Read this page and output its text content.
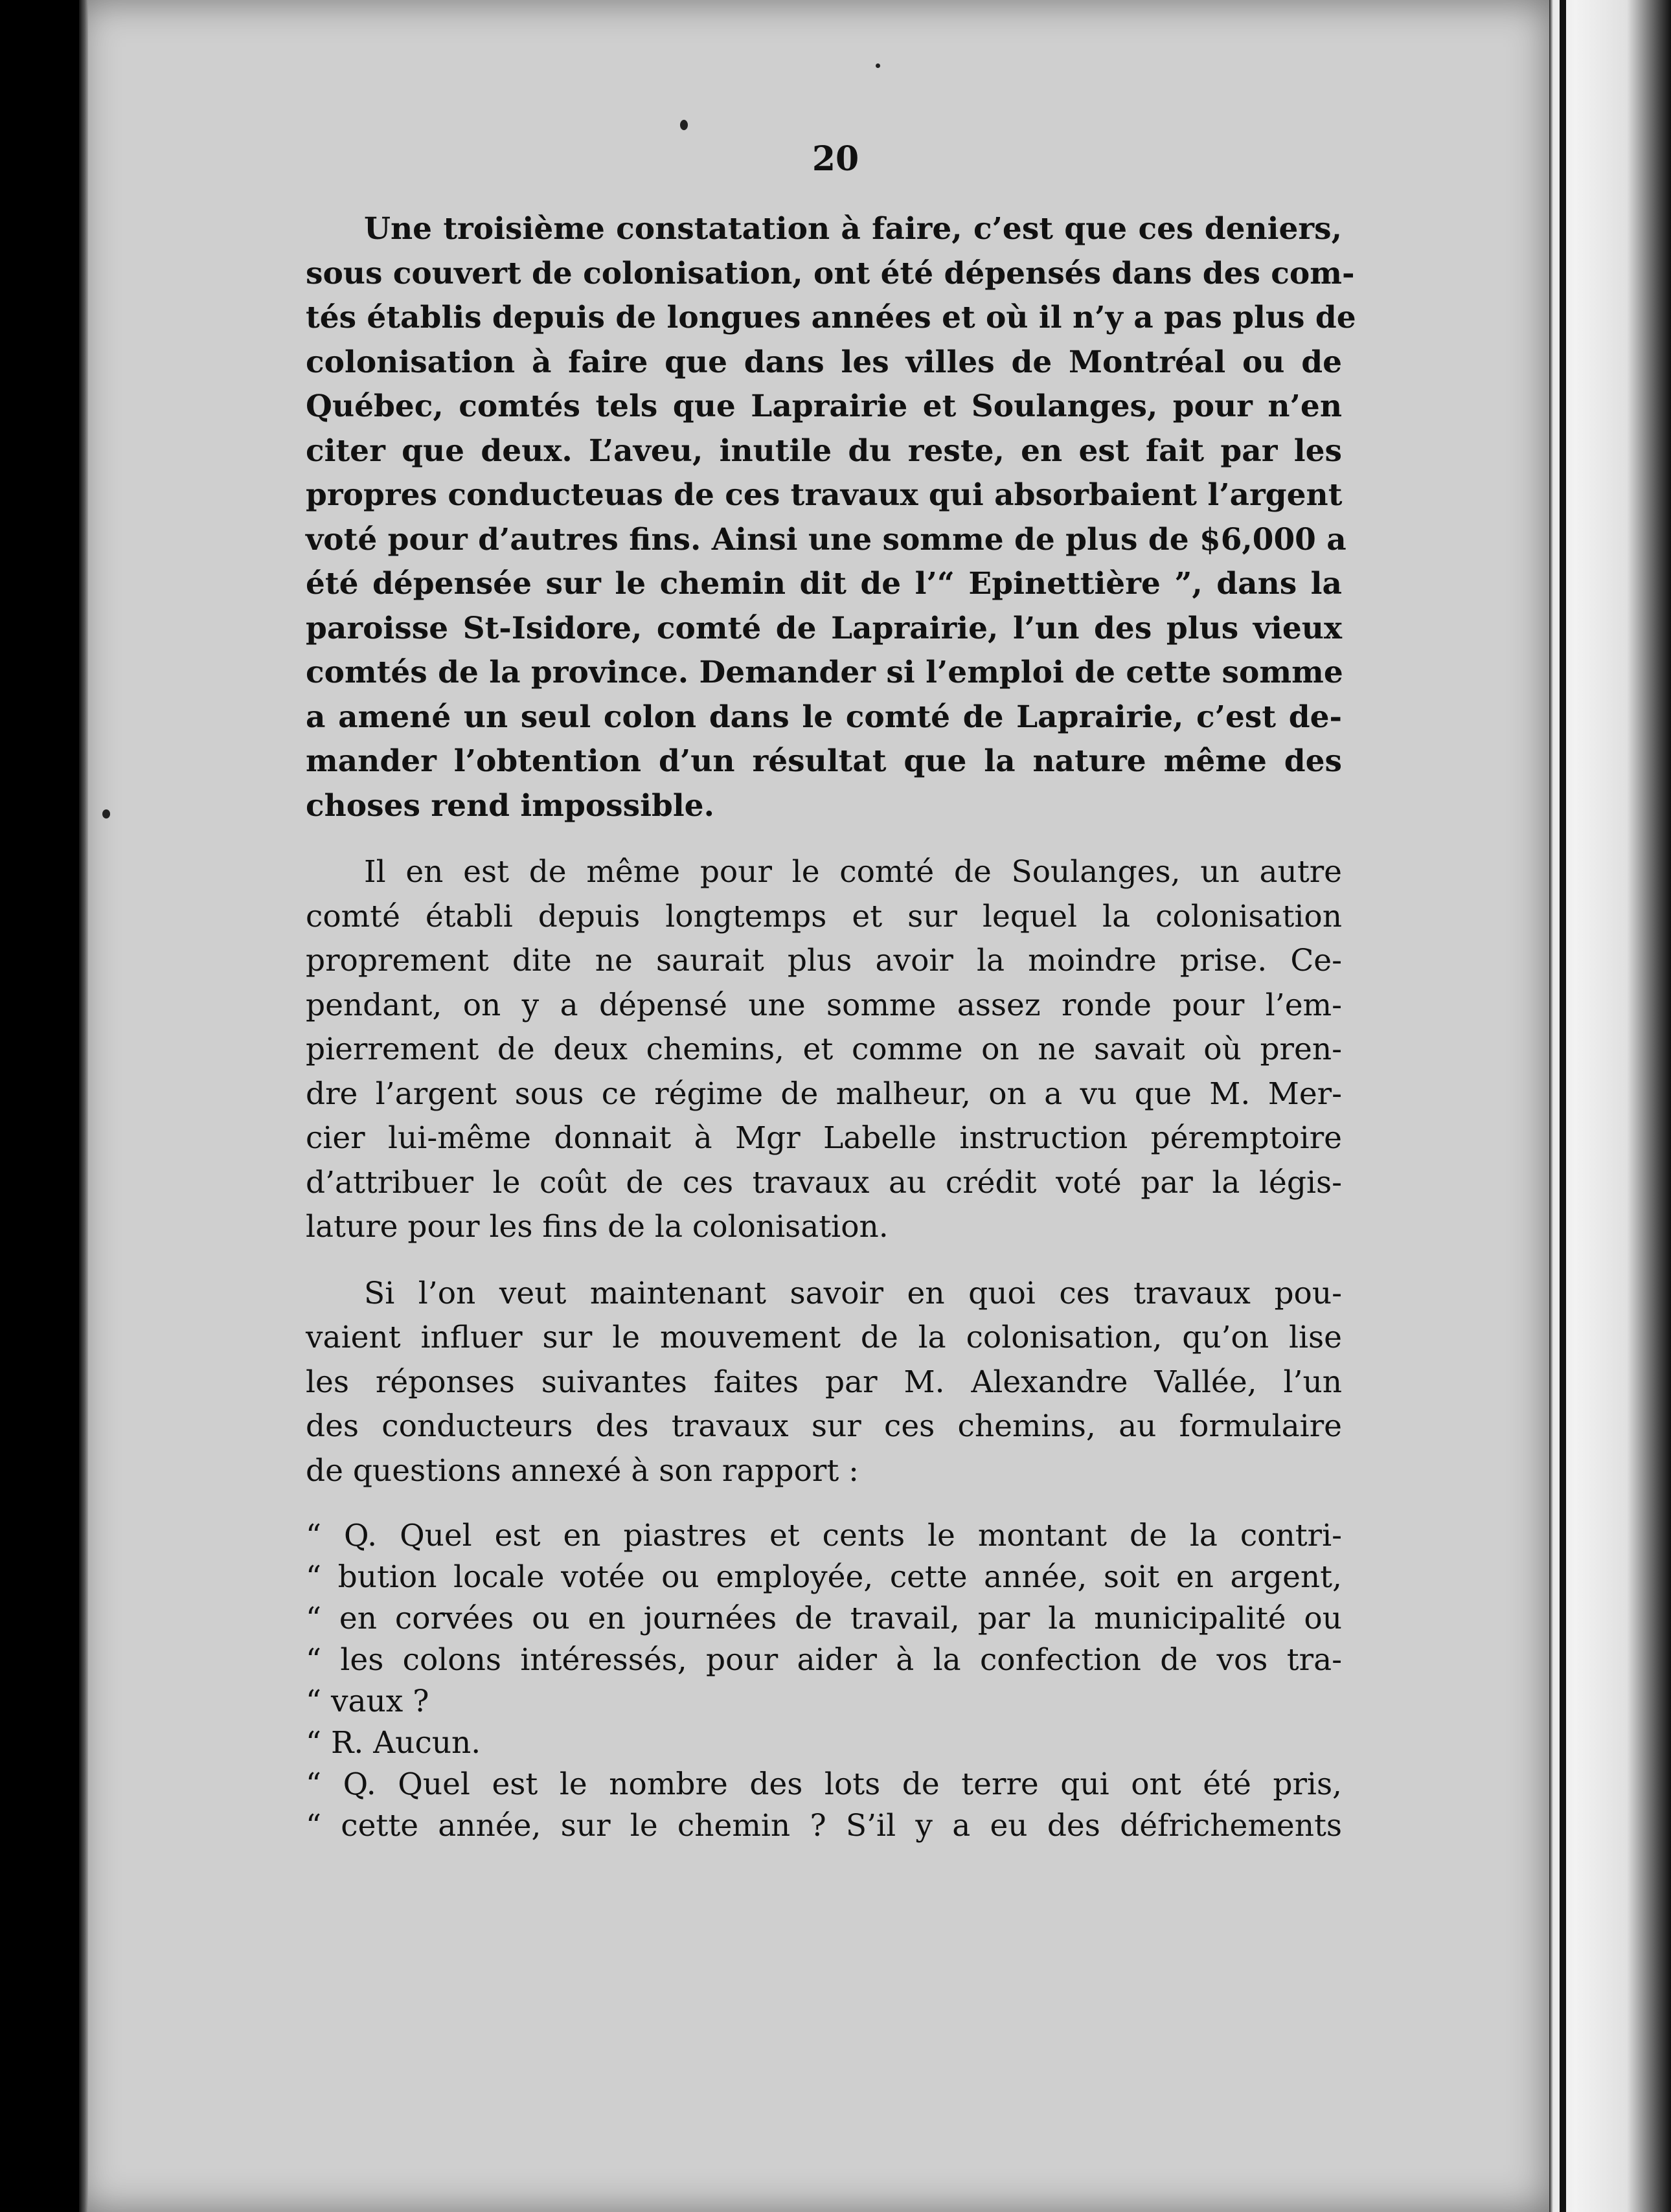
20
Une troisième constatation à faire, c’est que ces deniers,
sous couvert de colonisation, ont été dépensés dans des com-
tés établis depuis de longues années et où il n’y a pas plus de
colonisation à faire que dans les villes de Montréal ou de
Québec, comtés tels que Laprairie et Soulanges, pour n’en
citer que deux. L’aveu, inutile du reste, en est fait par les
propres conducteuas de ces travaux qui absorbaient l’argent
voté pour d’autres fins. Ainsi une somme de plus de $6,000 a
été dépensée sur le chemin dit de l’“ Epinettière ”, dans la
paroisse St-Isidore, comté de Laprairie, l’un des plus vieux
comtés de la province. Demander si l’emploi de cette somme
a amené un seul colon dans le comté de Laprairie, c’est de-
mander l’obtention d’un résultat que la nature même des
choses rend impossible.
Il en est de même pour le comté de Soulanges, un autre
comté établi depuis longtemps et sur lequel la colonisation
proprement dite ne saurait plus avoir la moindre prise. Ce-
pendant, on y a dépensé une somme assez ronde pour l’em-
pierrement de deux chemins, et comme on ne savait où pren-
dre l’argent sous ce régime de malheur, on a vu que M. Mer-
cier lui-même donnait à Mgr Labelle instruction péremptoire
d’attribuer le coût de ces travaux au crédit voté par la légis-
lature pour les fins de la colonisation.
Si l’on veut maintenant savoir en quoi ces travaux pou-
vaient influer sur le mouvement de la colonisation, qu’on lise
les réponses suivantes faites par M. Alexandre Vallée, l’un
des conducteurs des travaux sur ces chemins, au formulaire
de questions annexé à son rapport :
“ Q. Quel est en piastres et cents le montant de la contri-
“ bution locale votée ou employée, cette année, soit en argent,
“ en corvées ou en journées de travail, par la municipalité ou
“ les colons intéressés, pour aider à la confection de vos tra-
“ vaux ?
“ R. Aucun.
“ Q. Quel est le nombre des lots de terre qui ont été pris,
“ cette année, sur le chemin ? S’il y a eu des défrichements
